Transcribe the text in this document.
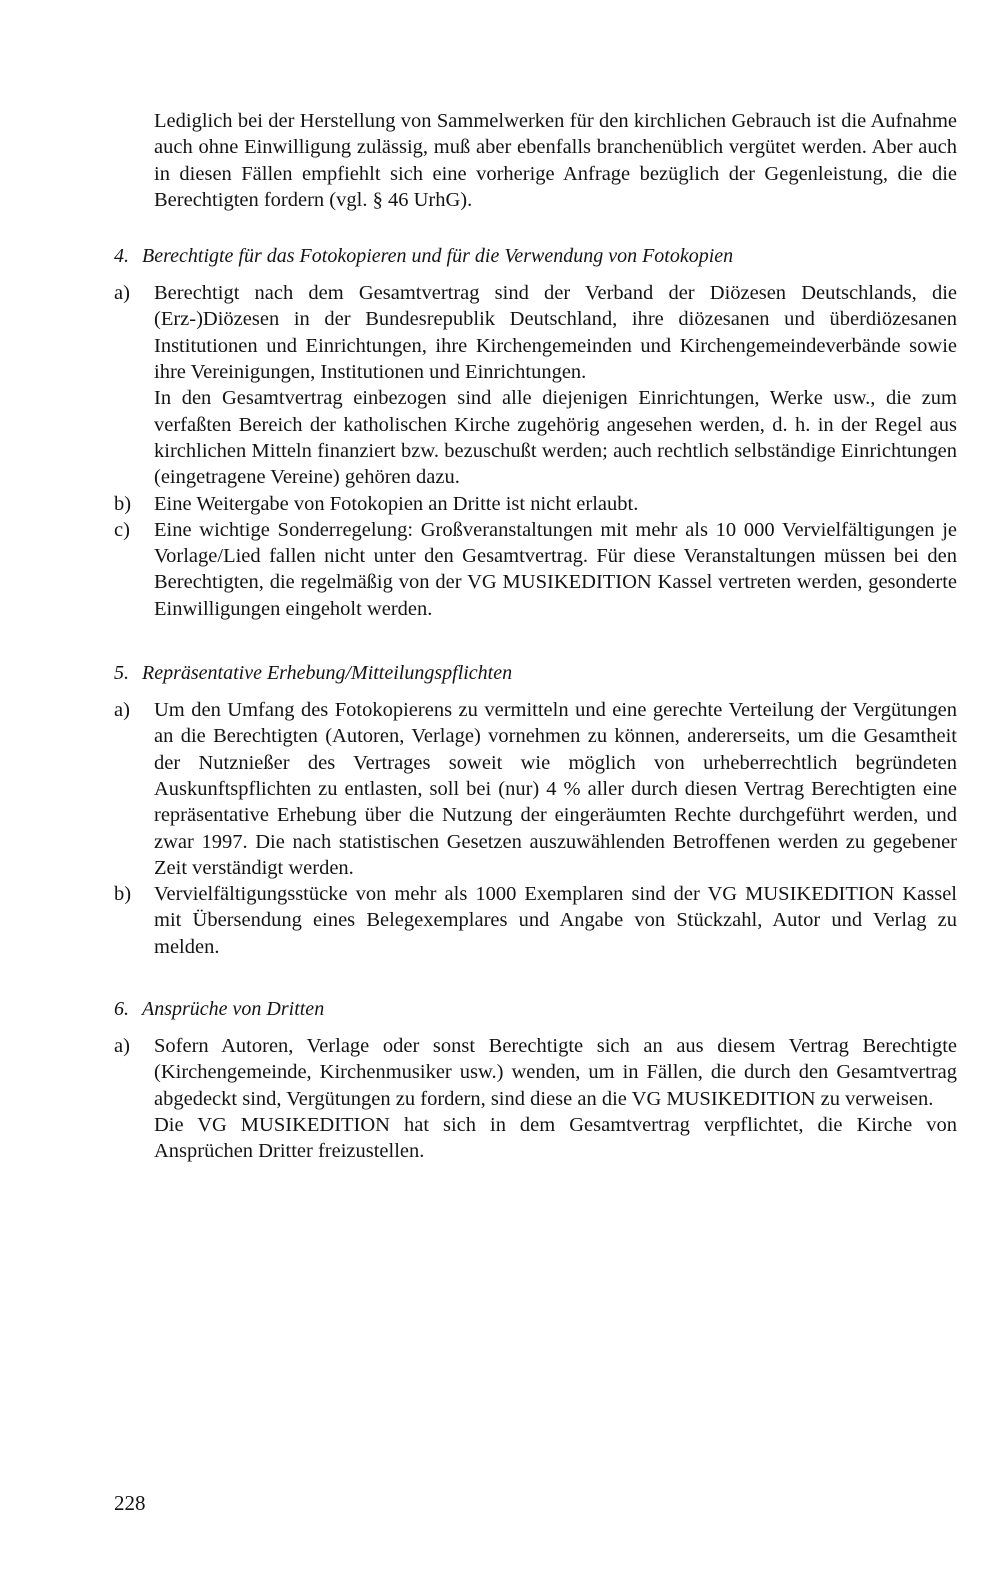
Lediglich bei der Herstellung von Sammelwerken für den kirchlichen Gebrauch ist die Aufnahme auch ohne Einwilligung zulässig, muß aber ebenfalls branchenüblich vergütet werden. Aber auch in diesen Fällen empfiehlt sich eine vorherige Anfrage bezüglich der Gegenleistung, die die Berechtigten fordern (vgl. § 46 UrhG).

4. Berechtigte für das Fotokopieren und für die Verwendung von Fotokopien

a) Berechtigt nach dem Gesamtvertrag sind der Verband der Diözesen Deutschlands, die (Erz-)Diözesen in der Bundesrepublik Deutschland, ihre diözesanen und überdiözesanen Institutionen und Einrichtungen, ihre Kirchengemeinden und Kirchengemeindeverbände sowie ihre Vereinigungen, Institutionen und Einrichtungen.

In den Gesamtvertrag einbezogen sind alle diejenigen Einrichtungen, Werke usw., die zum verfaßten Bereich der katholischen Kirche zugehörig angesehen werden, d. h. in der Regel aus kirchlichen Mitteln finanziert bzw. bezuschußt werden; auch rechtlich selbständige Einrichtungen (eingetragene Vereine) gehören dazu.

b) Eine Weitergabe von Fotokopien an Dritte ist nicht erlaubt.

c) Eine wichtige Sonderregelung: Großveranstaltungen mit mehr als 10 000 Vervielfältigungen je Vorlage/Lied fallen nicht unter den Gesamtvertrag. Für diese Veranstaltungen müssen bei den Berechtigten, die regelmäßig von der VG MUSIKEDITION Kassel vertreten werden, gesonderte Einwilligungen eingeholt werden.

5. Repräsentative Erhebung/Mitteilungspflichten

a) Um den Umfang des Fotokopierens zu vermitteln und eine gerechte Verteilung der Vergütungen an die Berechtigten (Autoren, Verlage) vornehmen zu können, andererseits, um die Gesamtheit der Nutznießer des Vertrages soweit wie möglich von urheberrechtlich begründeten Auskunftspflichten zu entlasten, soll bei (nur) 4 % aller durch diesen Vertrag Berechtigten eine repräsentative Erhebung über die Nutzung der eingeräumten Rechte durchgeführt werden, und zwar 1997. Die nach statistischen Gesetzen auszuwählenden Betroffenen werden zu gegebener Zeit verständigt werden.

b) Vervielfältigungsstücke von mehr als 1000 Exemplaren sind der VG MUSIKEDITION Kassel mit Übersendung eines Belegexemplares und Angabe von Stückzahl, Autor und Verlag zu melden.

6. Ansprüche von Dritten

a) Sofern Autoren, Verlage oder sonst Berechtigte sich an aus diesem Vertrag Berechtigte (Kirchengemeinde, Kirchenmusiker usw.) wenden, um in Fällen, die durch den Gesamtvertrag abgedeckt sind, Vergütungen zu fordern, sind diese an die VG MUSIKEDITION zu verweisen.

Die VG MUSIKEDITION hat sich in dem Gesamtvertrag verpflichtet, die Kirche von Ansprüchen Dritter freizustellen.

228
